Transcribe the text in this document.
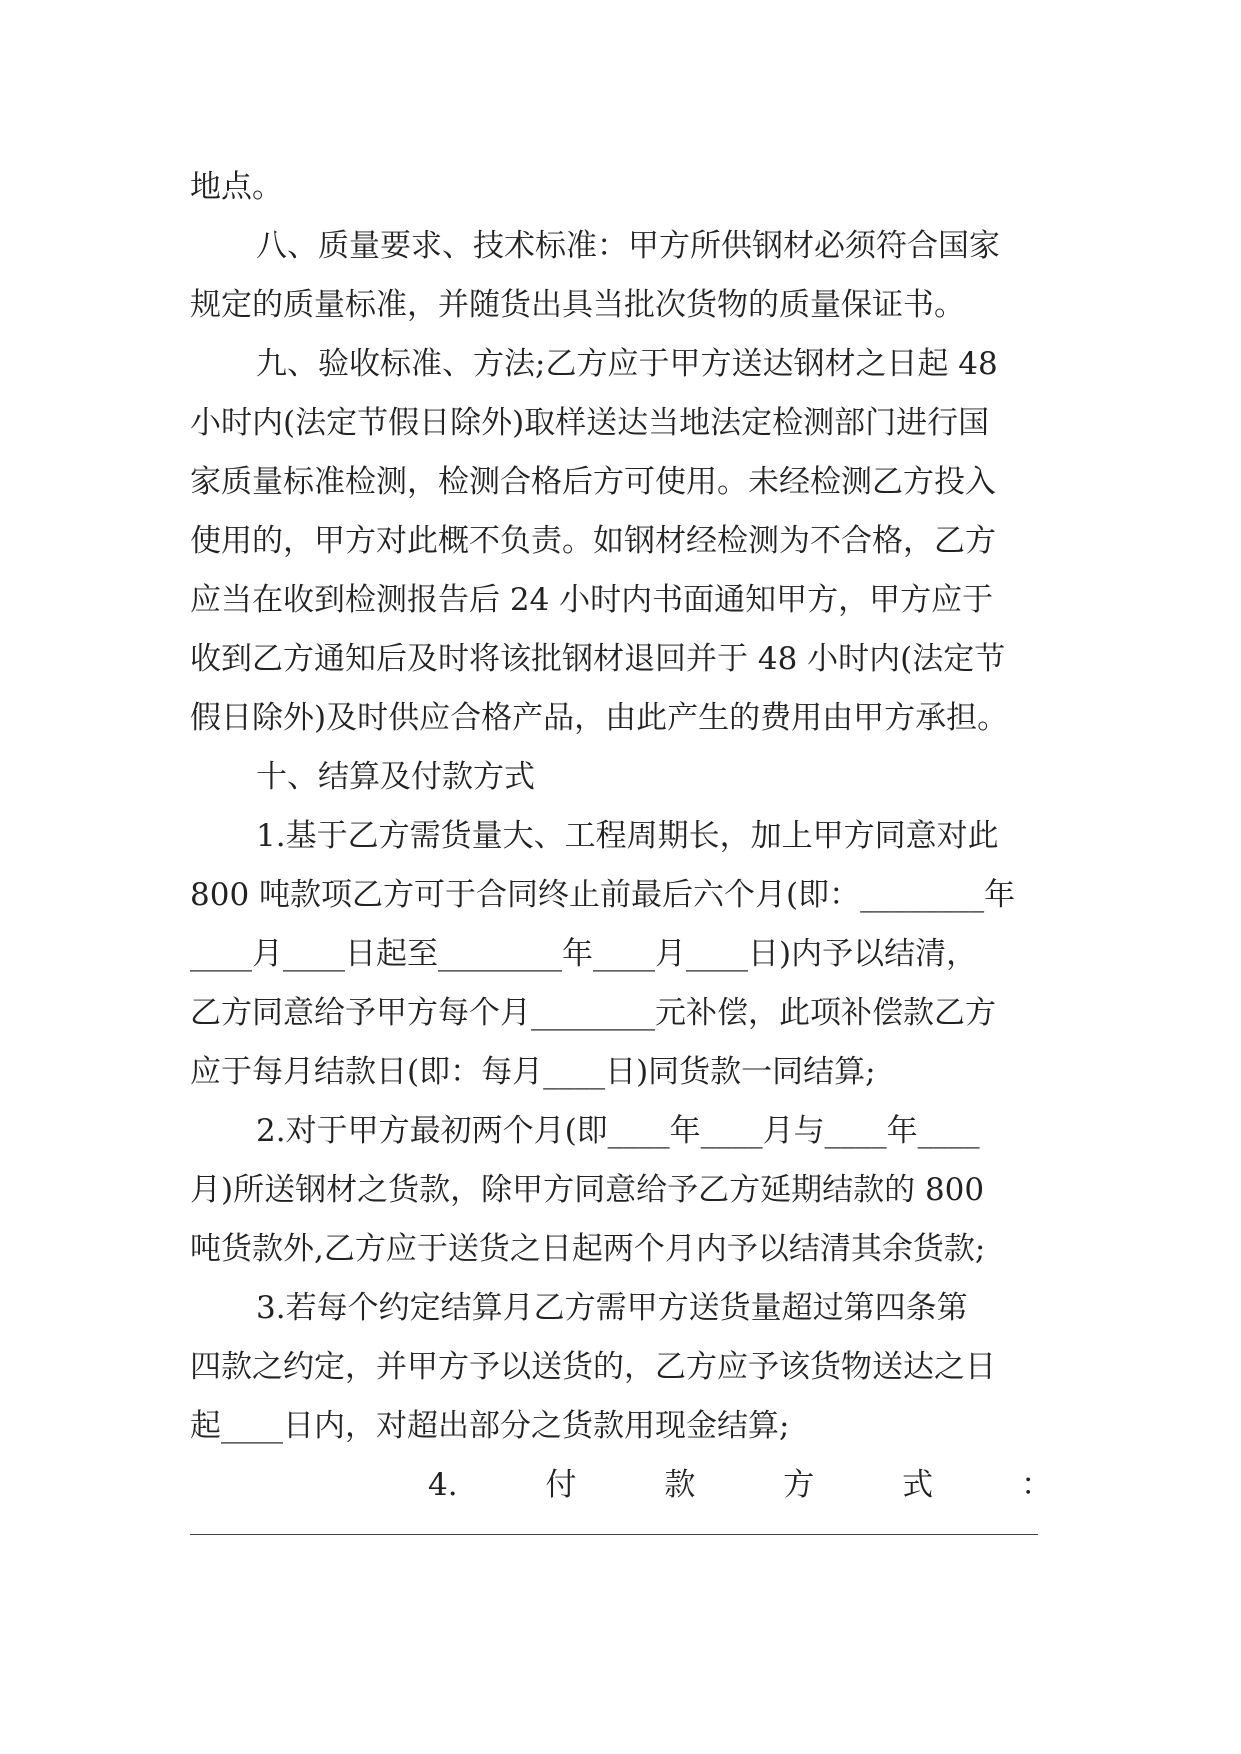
地点。
八、质量要求、技术标准：甲方所供钢材必须符合国家
规定的质量标准，并随货出具当批次货物的质量保证书。
九、验收标准、方法;乙方应于甲方送达钢材之日起 48
小时内(法定节假日除外)取样送达当地法定检测部门进行国
家质量标准检测，检测合格后方可使用。未经检测乙方投入
使用的，甲方对此概不负责。如钢材经检测为不合格，乙方
应当在收到检测报告后 24 小时内书面通知甲方，甲方应于
收到乙方通知后及时将该批钢材退回并于 48 小时内(法定节
假日除外)及时供应合格产品，由此产生的费用由甲方承担。
十、结算及付款方式
1.基于乙方需货量大、工程周期长，加上甲方同意对此
800 吨款项乙方可于合同终止前最后六个月(即：________年
____月____日起至________年____月____日)内予以结清，
乙方同意给予甲方每个月________元补偿，此项补偿款乙方
应于每月结款日(即：每月____日)同货款一同结算;
2.对于甲方最初两个月(即____年____月与____年____
月)所送钢材之货款，除甲方同意给予乙方延期结款的 800
吨货款外,乙方应于送货之日起两个月内予以结清其余货款;
3.若每个约定结算月乙方需甲方送货量超过第四条第
四款之约定，并甲方予以送货的，乙方应予该货物送达之日
起____日内，对超出部分之货款用现金结算;
4.	付	款	方	式	：
